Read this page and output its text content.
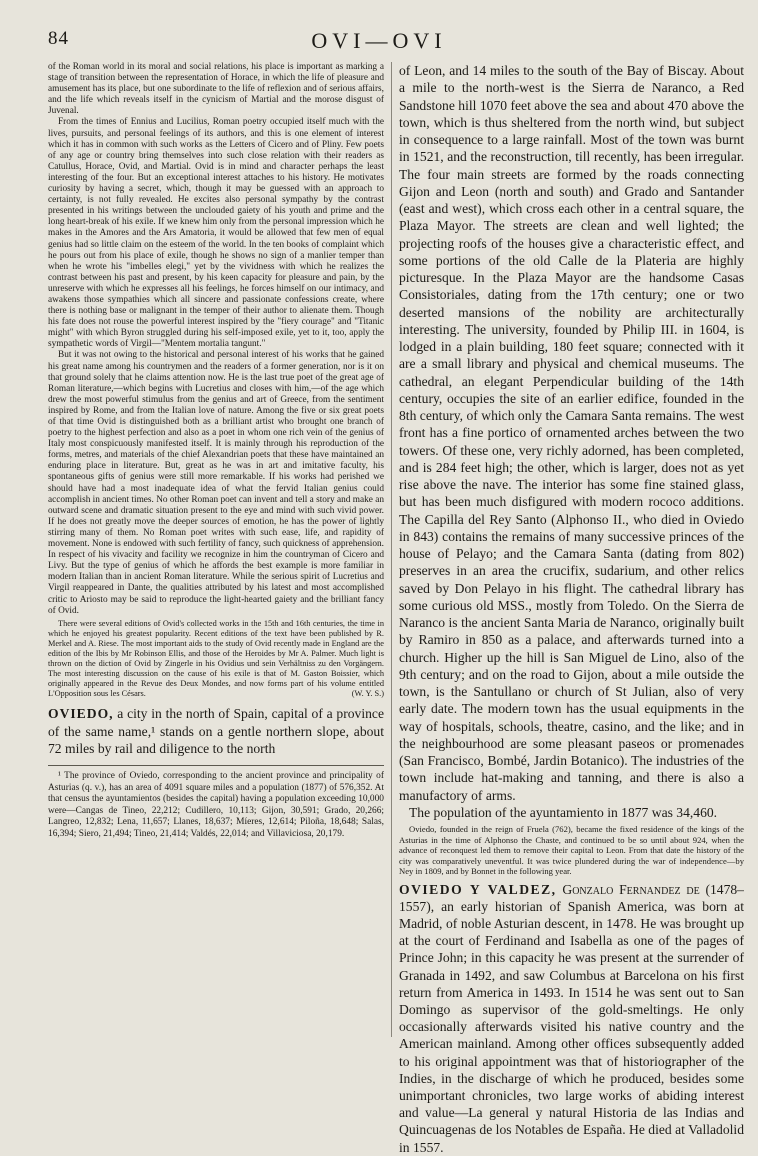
84	OVI—OVI

of the Roman world in its moral and social relations, his place is important as marking a stage of transition between the representation of Horace, in which the life of pleasure and amusement has its place, but one subordinate to the life of reflexion and of serious affairs, and the life which reveals itself in the cynicism of Martial and the morose disgust of Juvenal.

From the times of Ennius and Lucilius, Roman poetry occupied itself much with the lives, pursuits, and personal feelings of its authors, and this is one element of interest which it has in common with such works as the Letters of Cicero and of Pliny. Few poets of any age or country bring themselves into such close relation with their readers as Catullus, Horace, Ovid, and Martial. Ovid is in mind and character perhaps the least interesting of the four. But an exceptional interest attaches to his history. He motivates curiosity by having a secret, which, though it may be guessed with an approach to certainty, is not fully revealed. He excites also personal sympathy by the contrast presented in his writings between the unclouded gaiety of his youth and prime and the long heart-break of his exile. If we knew him only from the personal impression which he makes in the Amores and the Ars Amatoria, it would be allowed that few men of equal genius had so little claim on the esteem of the world. In the ten books of complaint which he pours out from his place of exile, though he shows no sign of a manlier temper than when he wrote his "imbelles elegi," yet by the vividness with which he realizes the contrast between his past and present, by his keen capacity for pleasure and pain, by the unreserve with which he expresses all his feelings, he forces himself on our intimacy, and awakens those sympathies which all sincere and passionate confessions create, where there is nothing base or malignant in the temper of their author to alienate them. Though his fate does not rouse the powerful interest inspired by the "fiery courage" and "Titanic might" with which Byron struggled during his self-imposed exile, yet to it, too, apply the sympathetic words of Virgil—"Mentem mortalia tangunt."

But it was not owing to the historical and personal interest of his works that he gained his great name among his countrymen and the readers of a former generation, nor is it on that ground solely that he claims attention now. He is the last true poet of the great age of Roman literature,—which begins with Lucretius and closes with him,—of the age which drew the most powerful stimulus from the genius and art of Greece, from the sentiment inspired by Rome, and from the Italian love of nature. Among the five or six great poets of that time Ovid is distinguished both as a brilliant artist who brought one branch of poetry to the highest perfection and also as a poet in whom one rich vein of the genius of Italy most conspicuously manifested itself. It is mainly through his reproduction of the forms, metres, and materials of the chief Alexandrian poets that these have maintained an enduring place in literature. But, great as he was in art and imitative faculty, his spontaneous gifts of genius were still more remarkable. If his works had perished we should have had a most inadequate idea of what the fervid Italian genius could accomplish in ancient times. No other Roman poet can invent and tell a story and make an outward scene and dramatic situation present to the eye and mind with such vivid power. If he does not greatly move the deeper sources of emotion, he has the power of lightly stirring many of them. No Roman poet writes with such ease, life, and rapidity of movement. None is endowed with such fertility of fancy, such quickness of apprehension. In respect of his vivacity and facility we recognize in him the countryman of Cicero and Livy. But the type of genius of which he affords the best example is more familiar in modern Italian than in ancient Roman literature. While the serious spirit of Lucretius and Virgil reappeared in Dante, the qualities attributed by his latest and most accomplished critic to Ariosto may be said to reproduce the light-hearted gaiety and the brilliant fancy of Ovid.

There were several editions of Ovid's collected works in the 15th and 16th centuries, the time in which he enjoyed his greatest popularity. Recent editions of the text have been published by R. Merkel and A. Riese. The most important aids to the study of Ovid recently made in England are the edition of the Ibis by Mr Robinson Ellis, and those of the Heroides by Mr A. Palmer. Much light is thrown on the diction of Ovid by Zingerle in his Ovidius und sein Verhältniss zu den Vorgängern. The most interesting discussion on the cause of his exile is that of M. Gaston Boissier, which originally appeared in the Revue des Deux Mondes, and now forms part of his volume entitled L'Opposition sous les Césars.	(W. Y. S.)

OVIEDO, a city in the north of Spain, capital of a province of the same name,¹ stands on a gentle northern slope, about 72 miles by rail and diligence to the north

¹ The province of Oviedo, corresponding to the ancient province and principality of Asturias (q. v.), has an area of 4091 square miles and a population (1877) of 576,352. At that census the ayuntamientos (besides the capital) having a population exceeding 10,000 were—Cangas de Tineo, 22,212; Cudillero, 10,113; Gijon, 30,591; Grado, 20,266; Langreo, 12,832; Lena, 11,657; Llanes, 18,637; Míeres, 12,614; Piloña, 18,648; Salas, 16,394; Siero, 21,494; Tineo, 21,414; Valdés, 22,014; and Villaviciosa, 20,179.

of Leon, and 14 miles to the south of the Bay of Biscay. About a mile to the north-west is the Sierra de Naranco, a Red Sandstone hill 1070 feet above the sea and about 470 above the town, which is thus sheltered from the north wind, but subject in consequence to a large rainfall. Most of the town was burnt in 1521, and the reconstruction, till recently, has been irregular. The four main streets are formed by the roads connecting Gijon and Leon (north and south) and Grado and Santander (east and west), which cross each other in a central square, the Plaza Mayor. The streets are clean and well lighted; the projecting roofs of the houses give a characteristic effect, and some portions of the old Calle de la Plateria are highly picturesque. In the Plaza Mayor are the handsome Casas Consistoriales, dating from the 17th century; one or two deserted mansions of the nobility are architecturally interesting. The university, founded by Philip III. in 1604, is lodged in a plain building, 180 feet square; connected with it are a small library and physical and chemical museums. The cathedral, an elegant Perpendicular building of the 14th century, occupies the site of an earlier edifice, founded in the 8th century, of which only the Camara Santa remains. The west front has a fine portico of ornamented arches between the two towers. Of these one, very richly adorned, has been completed, and is 284 feet high; the other, which is larger, does not as yet rise above the nave. The interior has some fine stained glass, but has been much disfigured with modern rococo additions. The Capilla del Rey Santo (Alphonso II., who died in Oviedo in 843) contains the remains of many successive princes of the house of Pelayo; and the Camara Santa (dating from 802) preserves in an area the crucifix, sudarium, and other relics saved by Don Pelayo in his flight. The cathedral library has some curious old MSS., mostly from Toledo. On the Sierra de Naranco is the ancient Santa Maria de Naranco, originally built by Ramiro in 850 as a palace, and afterwards turned into a church. Higher up the hill is San Miguel de Lino, also of the 9th century; and on the road to Gijon, about a mile outside the town, is the Santullano or church of St Julian, also of very early date. The modern town has the usual equipments in the way of hospitals, schools, theatre, casino, and the like; and in the neighbourhood are some pleasant paseos or promenades (San Francisco, Bombé, Jardin Botanico). The industries of the town include hat-making and tanning, and there is also a manufactory of arms.

The population of the ayuntamiento in 1877 was 34,460.

Oviedo, founded in the reign of Fruela (762), became the fixed residence of the kings of the Asturias in the time of Alphonso the Chaste, and continued to be so until about 924, when the advance of reconquest led them to remove their capital to Leon. From that date the history of the city was comparatively uneventful. It was twice plundered during the war of independence—by Ney in 1809, and by Bonnet in the following year.

OVIEDO Y VALDEZ, Gonzalo Fernandez de (1478–1557), an early historian of Spanish America, was born at Madrid, of noble Asturian descent, in 1478. He was brought up at the court of Ferdinand and Isabella as one of the pages of Prince John; in this capacity he was present at the surrender of Granada in 1492, and saw Columbus at Barcelona on his first return from America in 1493. In 1514 he was sent out to San Domingo as supervisor of the gold-smeltings. He only occasionally afterwards visited his native country and the American mainland. Among other offices subsequently added to his original appointment was that of historiographer of the Indies, in the discharge of which he produced, besides some unimportant chronicles, two large works of abiding interest and value—La general y natural Historia de las Indias and Quincuagenas de los Notables de España. He died at Valladolid in 1557.
